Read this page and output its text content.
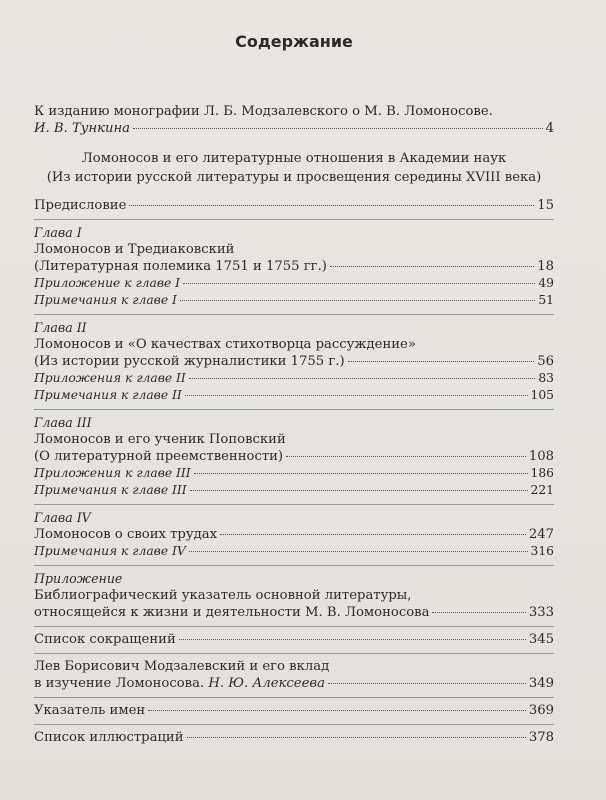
Содержание
К изданию монографии Л. Б. Модзалевского о М. В. Ломоносове.
И. В. Тункина	4
Ломоносов и его литературные отношения в Академии наук
(Из истории русской литературы и просвещения середины XVIII века)
Предисловие	15
Глава I
Ломоносов и Тредиаковский
(Литературная полемика 1751 и 1755 гг.)	18
Приложение к главе I	49
Примечания к главе I	51
Глава II
Ломоносов и «О качествах стихотворца рассуждение»
(Из истории русской журналистики 1755 г.)	56
Приложения к главе II	83
Примечания к главе II	105
Глава III
Ломоносов и его ученик Поповский
(О литературной преемственности)	108
Приложения к главе III	186
Примечания к главе III	221
Глава IV
Ломоносов о своих трудах	247
Примечания к главе IV	316
Приложение
Библиографический указатель основной литературы,
относящейся к жизни и деятельности М. В. Ломоносова	333
Список сокращений	345
Лев Борисович Модзалевский и его вклад
в изучение Ломоносова. Н. Ю. Алексеева	349
Указатель имен	369
Список иллюстраций	378
